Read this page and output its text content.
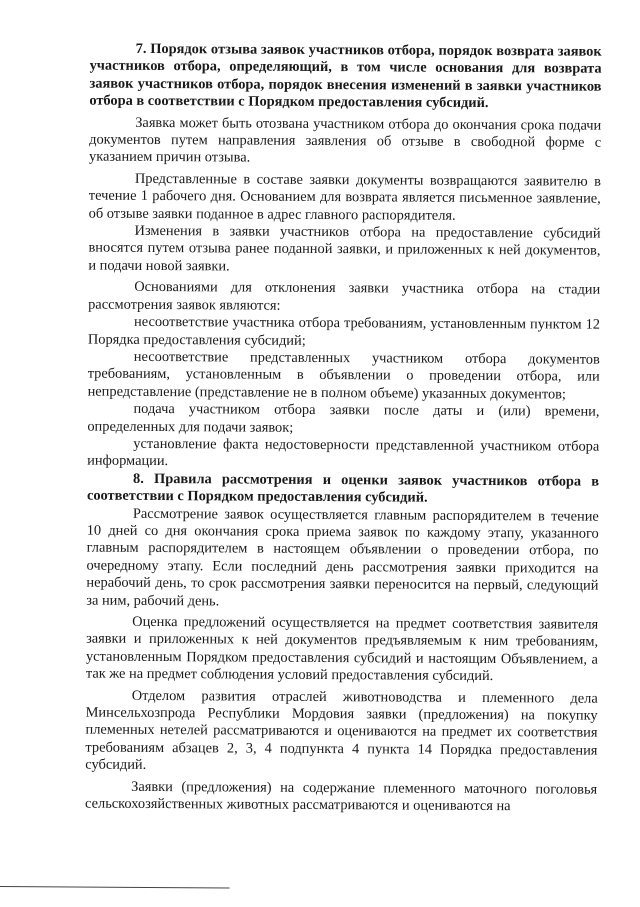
7. Порядок отзыва заявок участников отбора, порядок возврата заявок участников отбора, определяющий, в том числе основания для возврата заявок участников отбора, порядок внесения изменений в заявки участников отбора в соответствии с Порядком предоставления субсидий.

Заявка может быть отозвана участником отбора до окончания срока подачи документов путем направления заявления об отзыве в свободной форме с указанием причин отзыва.

Представленные в составе заявки документы возвращаются заявителю в течение 1 рабочего дня. Основанием для возврата является письменное заявление, об отзыве заявки поданное в адрес главного распорядителя.

Изменения в заявки участников отбора на предоставление субсидий вносятся путем отзыва ранее поданной заявки, и приложенных к ней документов, и подачи новой заявки.

Основаниями для отклонения заявки участника отбора на стадии рассмотрения заявок являются:

несоответствие участника отбора требованиям, установленным пунктом 12 Порядка предоставления субсидий;

несоответствие представленных участником отбора документов требованиям, установленным в объявлении о проведении отбора, или непредставление (представление не в полном объеме) указанных документов;

подача участником отбора заявки после даты и (или) времени, определенных для подачи заявок;

установление факта недостоверности представленной участником отбора информации.

8. Правила рассмотрения и оценки заявок участников отбора в соответствии с Порядком предоставления субсидий.

Рассмотрение заявок осуществляется главным распорядителем в течение 10 дней со дня окончания срока приема заявок по каждому этапу, указанного главным распорядителем в настоящем объявлении о проведении отбора, по очередному этапу. Если последний день рассмотрения заявки приходится на нерабочий день, то срок рассмотрения заявки переносится на первый, следующий за ним, рабочий день.

Оценка предложений осуществляется на предмет соответствия заявителя заявки и приложенных к ней документов предъявляемым к ним требованиям, установленным Порядком предоставления субсидий и настоящим Объявлением, а так же на предмет соблюдения условий предоставления субсидий.

Отделом развития отраслей животноводства и племенного дела Минсельхозпрода Республики Мордовия заявки (предложения) на покупку племенных нетелей рассматриваются и оцениваются на предмет их соответствия требованиям абзацев 2, 3, 4 подпункта 4 пункта 14 Порядка предоставления субсидий.

Заявки (предложения) на содержание племенного маточного поголовья сельскохозяйственных животных рассматриваются и оцениваются на
